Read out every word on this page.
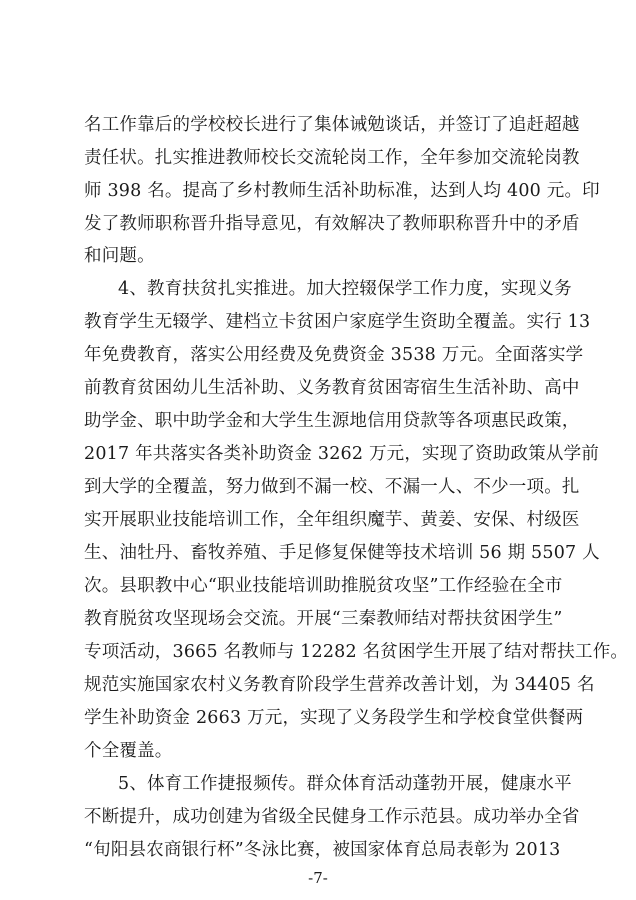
名工作靠后的学校校长进行了集体诫勉谈话，并签订了追赶超越
责任状。扎实推进教师校长交流轮岗工作，全年参加交流轮岗教
师 398 名。提高了乡村教师生活补助标准，达到人均 400 元。印
发了教师职称晋升指导意见，有效解决了教师职称晋升中的矛盾
和问题。
4、教育扶贫扎实推进。加大控辍保学工作力度，实现义务
教育学生无辍学、建档立卡贫困户家庭学生资助全覆盖。实行 13
年免费教育，落实公用经费及免费资金 3538 万元。全面落实学
前教育贫困幼儿生活补助、义务教育贫困寄宿生生活补助、高中
助学金、职中助学金和大学生生源地信用贷款等各项惠民政策，
2017 年共落实各类补助资金 3262 万元，实现了资助政策从学前
到大学的全覆盖，努力做到不漏一校、不漏一人、不少一项。扎
实开展职业技能培训工作，全年组织魔芋、黄姜、安保、村级医
生、油牡丹、畜牧养殖、手足修复保健等技术培训 56 期 5507 人
次。县职教中心“职业技能培训助推脱贫攻坚”工作经验在全市
教育脱贫攻坚现场会交流。开展“三秦教师结对帮扶贫困学生”
专项活动，3665 名教师与 12282 名贫困学生开展了结对帮扶工作。
规范实施国家农村义务教育阶段学生营养改善计划，为 34405 名
学生补助资金 2663 万元，实现了义务段学生和学校食堂供餐两
个全覆盖。
5、体育工作捷报频传。群众体育活动蓬勃开展，健康水平
不断提升，成功创建为省级全民健身工作示范县。成功举办全省
“旬阳县农商银行杯”冬泳比赛，被国家体育总局表彰为 2013
-7-
